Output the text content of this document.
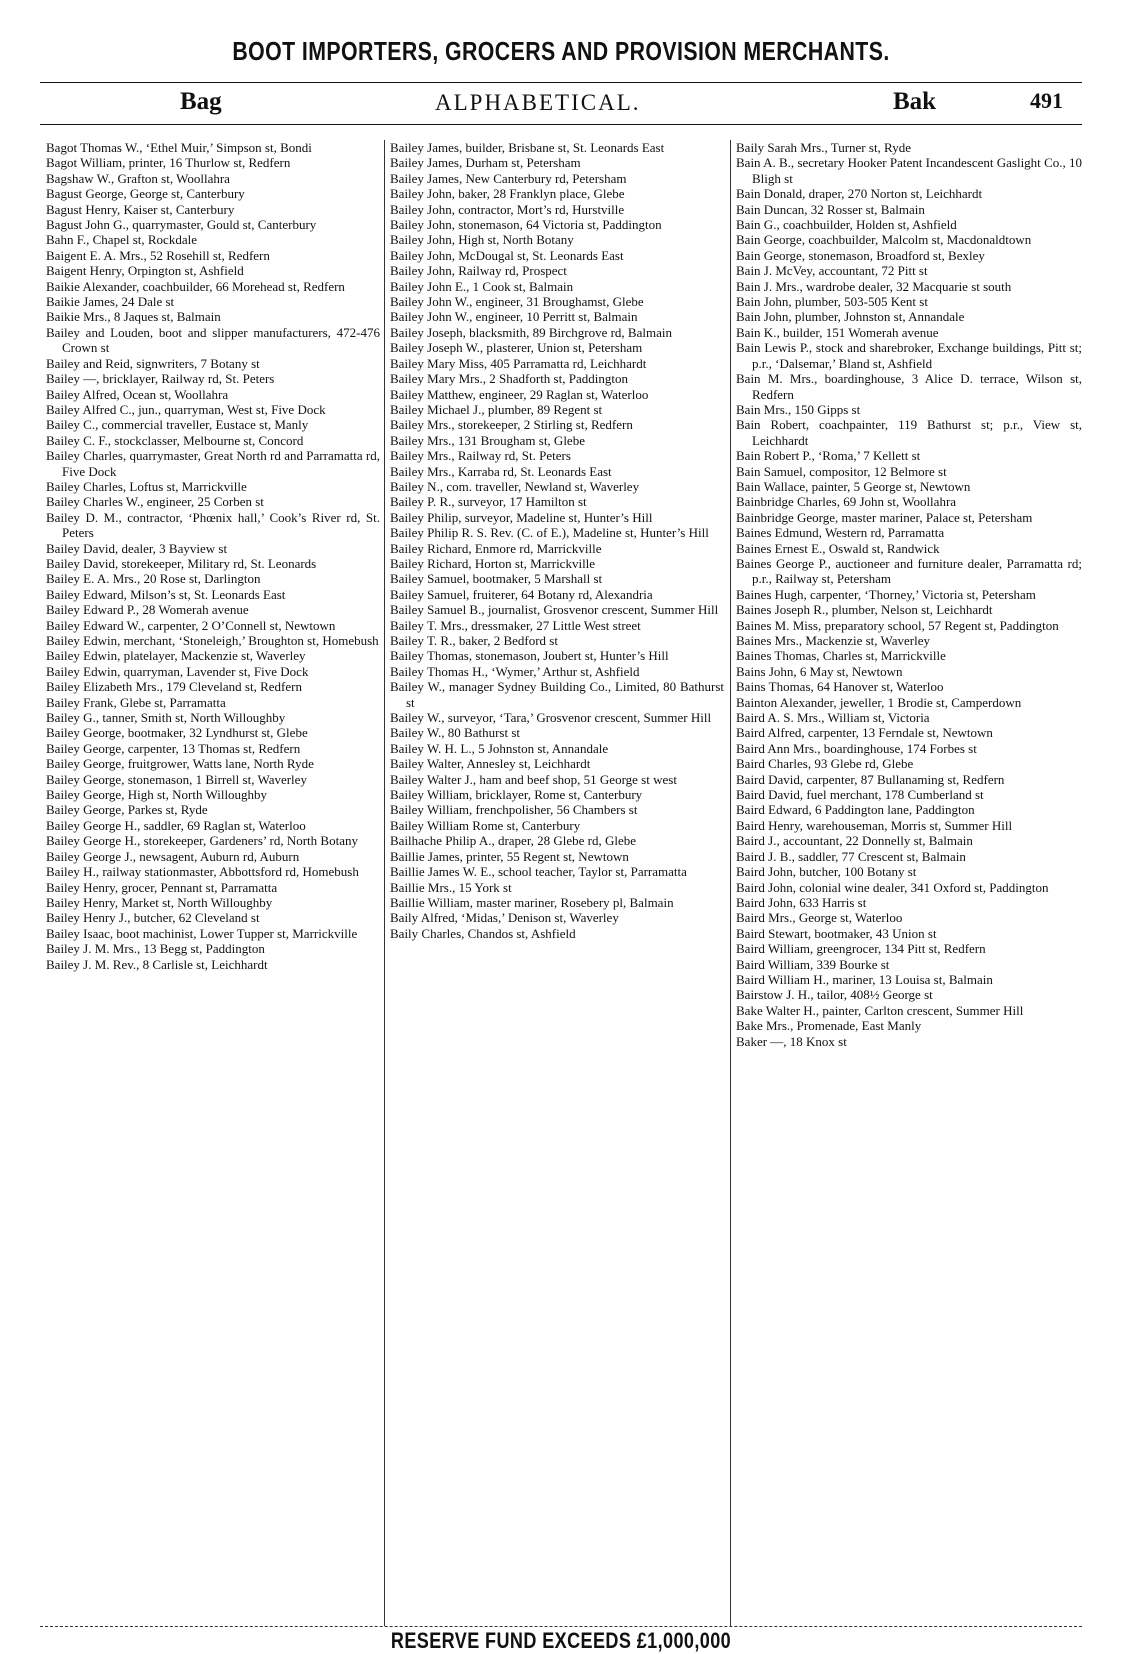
BOOT IMPORTERS, GROCERS AND PROVISION MERCHANTS.
Bag	ALPHABETICAL.	Bak	491

Bagot Thomas W., ‘Ethel Muir,’ Simpson st, Bondi

Bagot William, printer, 16 Thurlow st, Redfern

Bagshaw W., Grafton st, Woollahra

Bagust George, George st, Canterbury

Bagust Henry, Kaiser st, Canterbury

Bagust John G., quarrymaster, Gould st, Canterbury

Bahn F., Chapel st, Rockdale

Baigent E. A. Mrs., 52 Rosehill st, Redfern

Baigent Henry, Orpington st, Ashfield

Baikie Alexander, coachbuilder, 66 Morehead st, Redfern

Baikie James, 24 Dale st

Baikie Mrs., 8 Jaques st, Balmain

Bailey and Louden, boot and slipper manufacturers, 472-476 Crown st

Bailey and Reid, signwriters, 7 Botany st

Bailey —, bricklayer, Railway rd, St. Peters

Bailey Alfred, Ocean st, Woollahra

Bailey Alfred C., jun., quarryman, West st, Five Dock

Bailey C., commercial traveller, Eustace st, Manly

Bailey C. F., stockclasser, Melbourne st, Concord

Bailey Charles, quarrymaster, Great North rd and Parramatta rd, Five Dock

Bailey Charles, Loftus st, Marrickville

Bailey Charles W., engineer, 25 Corben st

Bailey D. M., contractor, ‘Phœnix hall,’ Cook’s River rd, St. Peters

Bailey David, dealer, 3 Bayview st

Bailey David, storekeeper, Military rd, St. Leonards

Bailey E. A. Mrs., 20 Rose st, Darlington

Bailey Edward, Milson’s st, St. Leonards East

Bailey Edward P., 28 Womerah avenue

Bailey Edward W., carpenter, 2 O’Connell st, Newtown

Bailey Edwin, merchant, ‘Stoneleigh,’ Broughton st, Homebush

Bailey Edwin, platelayer, Mackenzie st, Waverley

Bailey Edwin, quarryman, Lavender st, Five Dock

Bailey Elizabeth Mrs., 179 Cleveland st, Redfern

Bailey Frank, Glebe st, Parramatta

Bailey G., tanner, Smith st, North Willoughby

Bailey George, bootmaker, 32 Lyndhurst st, Glebe

Bailey George, carpenter, 13 Thomas st, Redfern

Bailey George, fruitgrower, Watts lane, North Ryde

Bailey George, stonemason, 1 Birrell st, Waverley

Bailey George, High st, North Willoughby

Bailey George, Parkes st, Ryde

Bailey George H., saddler, 69 Raglan st, Waterloo

Bailey George H., storekeeper, Gardeners’ rd, North Botany

Bailey George J., newsagent, Auburn rd, Auburn

Bailey H., railway stationmaster, Abbottsford rd, Homebush

Bailey Henry, grocer, Pennant st, Parramatta

Bailey Henry, Market st, North Willoughby

Bailey Henry J., butcher, 62 Cleveland st

Bailey Isaac, boot machinist, Lower Tupper st, Marrickville

Bailey J. M. Mrs., 13 Begg st, Paddington

Bailey J. M. Rev., 8 Carlisle st, Leichhardt

Bailey James, builder, Brisbane st, St. Leonards East

Bailey James, Durham st, Petersham

Bailey James, New Canterbury rd, Petersham

Bailey John, baker, 28 Franklyn place, Glebe

Bailey John, contractor, Mort’s rd, Hurstville

Bailey John, stonemason, 64 Victoria st, Paddington

Bailey John, High st, North Botany

Bailey John, McDougal st, St. Leonards East

Bailey John, Railway rd, Prospect

Bailey John E., 1 Cook st, Balmain

Bailey John W., engineer, 31 Broughamst, Glebe

Bailey John W., engineer, 10 Perritt st, Balmain

Bailey Joseph, blacksmith, 89 Birchgrove rd, Balmain

Bailey Joseph W., plasterer, Union st, Petersham

Bailey Mary Miss, 405 Parramatta rd, Leichhardt

Bailey Mary Mrs., 2 Shadforth st, Paddington

Bailey Matthew, engineer, 29 Raglan st, Waterloo

Bailey Michael J., plumber, 89 Regent st

Bailey Mrs., storekeeper, 2 Stirling st, Redfern

Bailey Mrs., 131 Brougham st, Glebe

Bailey Mrs., Railway rd, St. Peters

Bailey Mrs., Karraba rd, St. Leonards East

Bailey N., com. traveller, Newland st, Waverley

Bailey P. R., surveyor, 17 Hamilton st

Bailey Philip, surveyor, Madeline st, Hunter’s Hill

Bailey Philip R. S. Rev. (C. of E.), Madeline st, Hunter’s Hill

Bailey Richard, Enmore rd, Marrickville

Bailey Richard, Horton st, Marrickville

Bailey Samuel, bootmaker, 5 Marshall st

Bailey Samuel, fruiterer, 64 Botany rd, Alexandria

Bailey Samuel B., journalist, Grosvenor crescent, Summer Hill

Bailey T. Mrs., dressmaker, 27 Little West street

Bailey T. R., baker, 2 Bedford st

Bailey Thomas, stonemason, Joubert st, Hunter’s Hill

Bailey Thomas H., ‘Wymer,’ Arthur st, Ashfield

Bailey W., manager Sydney Building Co., Limited, 80 Bathurst st

Bailey W., surveyor, ‘Tara,’ Grosvenor crescent, Summer Hill

Bailey W., 80 Bathurst st

Bailey W. H. L., 5 Johnston st, Annandale

Bailey Walter, Annesley st, Leichhardt

Bailey Walter J., ham and beef shop, 51 George st west

Bailey William, bricklayer, Rome st, Canterbury

Bailey William, frenchpolisher, 56 Chambers st

Bailey William Rome st, Canterbury

Bailhache Philip A., draper, 28 Glebe rd, Glebe

Baillie James, printer, 55 Regent st, Newtown

Baillie James W. E., school teacher, Taylor st, Parramatta

Baillie Mrs., 15 York st

Baillie William, master mariner, Rosebery pl, Balmain

Baily Alfred, ‘Midas,’ Denison st, Waverley

Baily Charles, Chandos st, Ashfield

Baily Sarah Mrs., Turner st, Ryde

Bain A. B., secretary Hooker Patent Incandescent Gaslight Co., 10 Bligh st

Bain Donald, draper, 270 Norton st, Leichhardt

Bain Duncan, 32 Rosser st, Balmain

Bain G., coachbuilder, Holden st, Ashfield

Bain George, coachbuilder, Malcolm st, Macdonaldtown

Bain George, stonemason, Broadford st, Bexley

Bain J. McVey, accountant, 72 Pitt st

Bain J. Mrs., wardrobe dealer, 32 Macquarie st south

Bain John, plumber, 503-505 Kent st

Bain John, plumber, Johnston st, Annandale

Bain K., builder, 151 Womerah avenue

Bain Lewis P., stock and sharebroker, Exchange buildings, Pitt st; p.r., ‘Dalsemar,’ Bland st, Ashfield

Bain M. Mrs., boardinghouse, 3 Alice D. terrace, Wilson st, Redfern

Bain Mrs., 150 Gipps st

Bain Robert, coachpainter, 119 Bathurst st; p.r., View st, Leichhardt

Bain Robert P., ‘Roma,’ 7 Kellett st

Bain Samuel, compositor, 12 Belmore st

Bain Wallace, painter, 5 George st, Newtown

Bainbridge Charles, 69 John st, Woollahra

Bainbridge George, master mariner, Palace st, Petersham

Baines Edmund, Western rd, Parramatta

Baines Ernest E., Oswald st, Randwick

Baines George P., auctioneer and furniture dealer, Parramatta rd; p.r., Railway st, Petersham

Baines Hugh, carpenter, ‘Thorney,’ Victoria st, Petersham

Baines Joseph R., plumber, Nelson st, Leichhardt

Baines M. Miss, preparatory school, 57 Regent st, Paddington

Baines Mrs., Mackenzie st, Waverley

Baines Thomas, Charles st, Marrickville

Bains John, 6 May st, Newtown

Bains Thomas, 64 Hanover st, Waterloo

Bainton Alexander, jeweller, 1 Brodie st, Camperdown

Baird A. S. Mrs., William st, Victoria

Baird Alfred, carpenter, 13 Ferndale st, Newtown

Baird Ann Mrs., boardinghouse, 174 Forbes st

Baird Charles, 93 Glebe rd, Glebe

Baird David, carpenter, 87 Bullanaming st, Redfern

Baird David, fuel merchant, 178 Cumberland st

Baird Edward, 6 Paddington lane, Paddington

Baird Henry, warehouseman, Morris st, Summer Hill

Baird J., accountant, 22 Donnelly st, Balmain

Baird J. B., saddler, 77 Crescent st, Balmain

Baird John, butcher, 100 Botany st

Baird John, colonial wine dealer, 341 Oxford st, Paddington

Baird John, 633 Harris st

Baird Mrs., George st, Waterloo

Baird Stewart, bootmaker, 43 Union st

Baird William, greengrocer, 134 Pitt st, Redfern

Baird William, 339 Bourke st

Baird William H., mariner, 13 Louisa st, Balmain

Bairstow J. H., tailor, 408½ George st

Bake Walter H., painter, Carlton crescent, Summer Hill

Bake Mrs., Promenade, East Manly

Baker —, 18 Knox st

RESERVE FUND EXCEEDS £1,000,000
